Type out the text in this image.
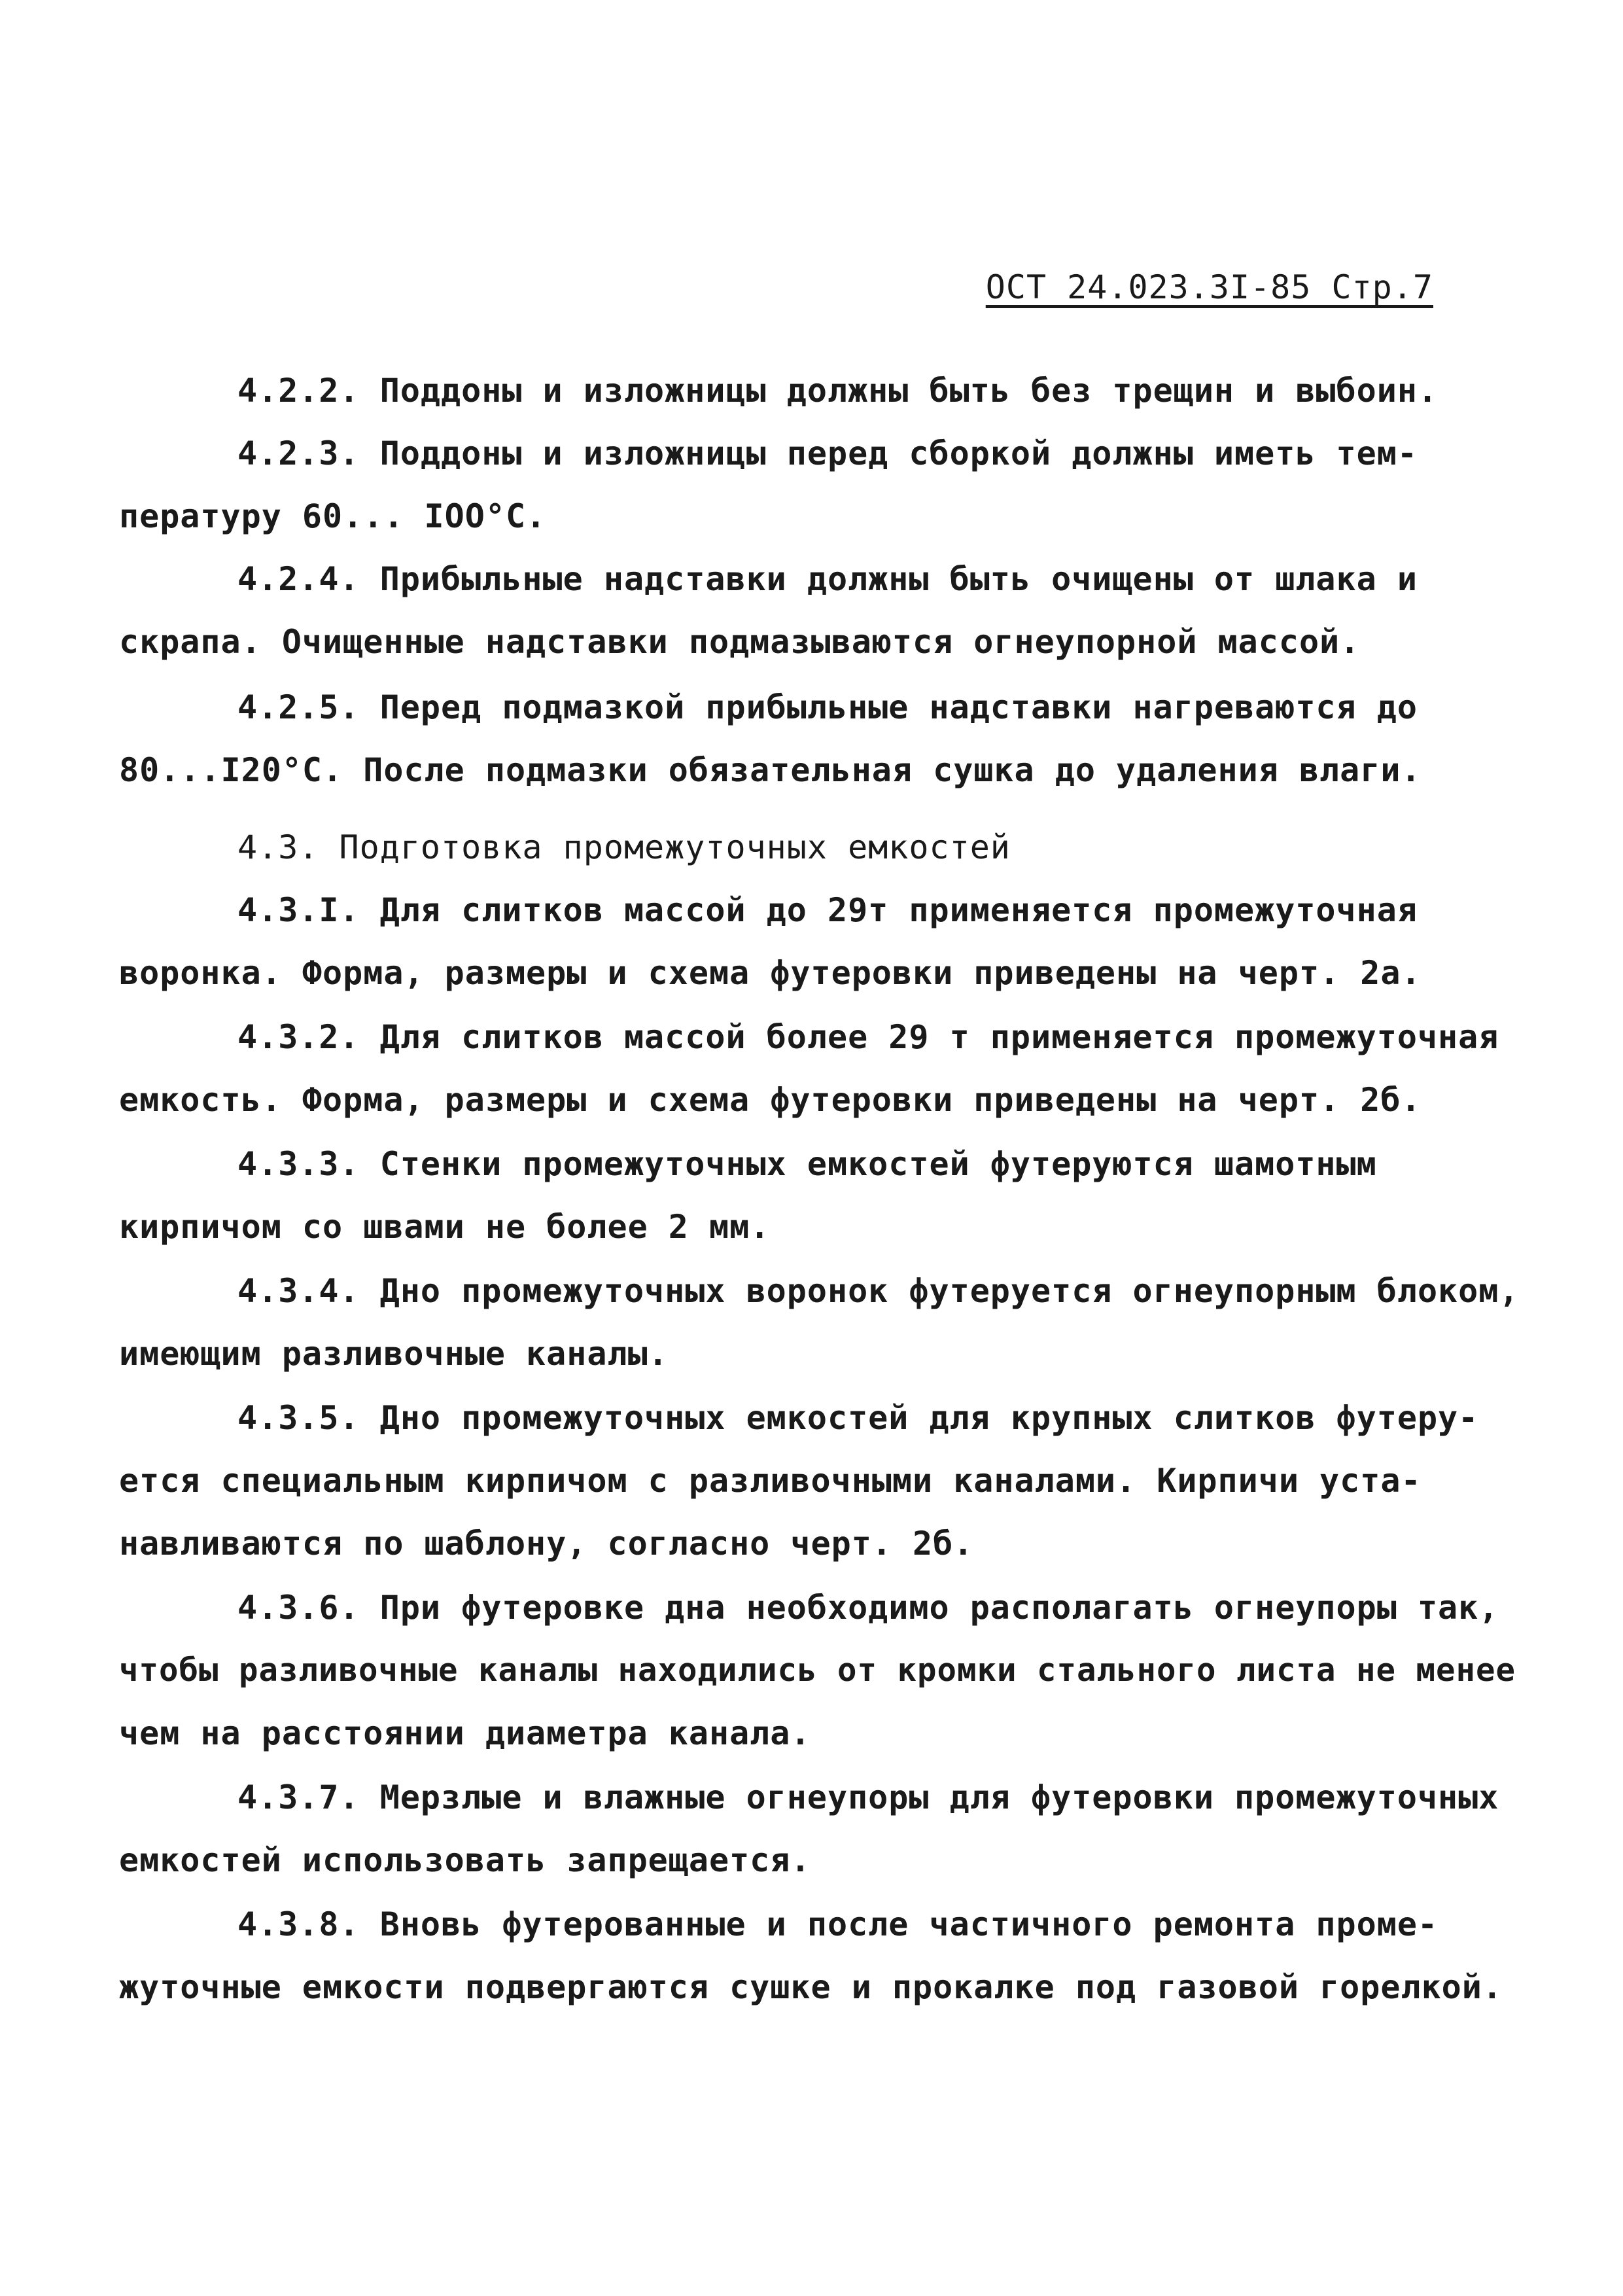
ОСТ 24.023.3I-85 Стр.7
4.2.2. Поддоны и изложницы должны быть без трещин и выбоин.
4.2.3. Поддоны и изложницы перед сборкой должны иметь тем-
пературу 60... IOO°C.
4.2.4. Прибыльные надставки должны быть очищены от шлака и
скрапа. Очищенные надставки подмазываются огнеупорной массой.
4.2.5. Перед подмазкой прибыльные надставки нагреваются до
80...I20°C. После подмазки обязательная сушка до удаления влаги.
4.3. Подготовка промежуточных емкостей
4.3.I. Для слитков массой до 29т применяется промежуточная
воронка. Форма, размеры и схема футеровки приведены на черт. 2а.
4.3.2. Для слитков массой более 29 т применяется промежуточная
емкость. Форма, размеры и схема футеровки приведены на черт. 2б.
4.3.3. Стенки промежуточных емкостей футеруются шамотным
кирпичом со швами не более 2 мм.
4.3.4. Дно промежуточных воронок футеруется огнеупорным блоком,
имеющим разливочные каналы.
4.3.5. Дно промежуточных емкостей для крупных слитков футеру-
ется специальным кирпичом с разливочными каналами. Кирпичи уста-
навливаются по шаблону, согласно черт. 2б.
4.3.6. При футеровке дна необходимо располагать огнеупоры так,
чтобы разливочные каналы находились от кромки стального листа не менее
чем на расстоянии диаметра канала.
4.3.7. Мерзлые и влажные огнеупоры для футеровки промежуточных
емкостей использовать запрещается.
4.3.8. Вновь футерованные и после частичного ремонта проме-
жуточные емкости подвергаются сушке и прокалке под газовой горелкой.
